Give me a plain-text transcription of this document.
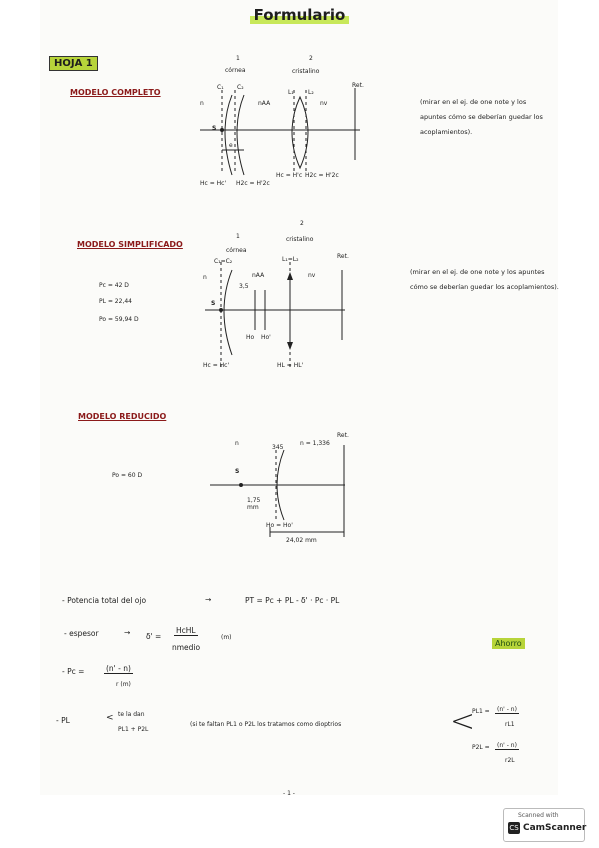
Formulario
HOJA 1
MODELO COMPLETO
1	2
córnea	cristalino
Ret.
C₁ C₂
n	nAA
L₁ L₂
nv
S
e
Hc = Hc' H2c = H'2c
Hc = H'c H2c = H'2c
(mirar en el ej. de one note y los apuntes cómo se deberían guedar los acoplamientos).
MODELO SIMPLIFICADO
1
2
córnea
cristalino
Ret.
C₁=C₂	L₁=L₂
n	nAA	nv
3,5
S
Ho Ho'
Hc = Hc'	HL = HL'
Pc = 42 D
PL ≃ 22,44
Po = 59,94 D
(mirar en el ej. de one note y los apuntes cómo se deberían guedar los acoplamientos).
MODELO REDUCIDO
n
345
n = 1,336
Ret.
S
1,75 mm
Ho = Ho'
24,02 mm
Po = 60 D
- Potencia total del ojo	→	PT = Pc + PL - δ' · Pc · PL
- espesor	→ δ' =
HcHL
nmedio
(m)
Ahorro
- Pc =	(n' - n)
r (m)
- PL	< te la dan
PL1 + P2L
(si te faltan PL1 o P2L los tratamos como dioptrios	<
PL1 =	(n' - n)
rL1
P2L =	(n' - n)
r2L
- 1 -
Scanned with
CS CamScanner
